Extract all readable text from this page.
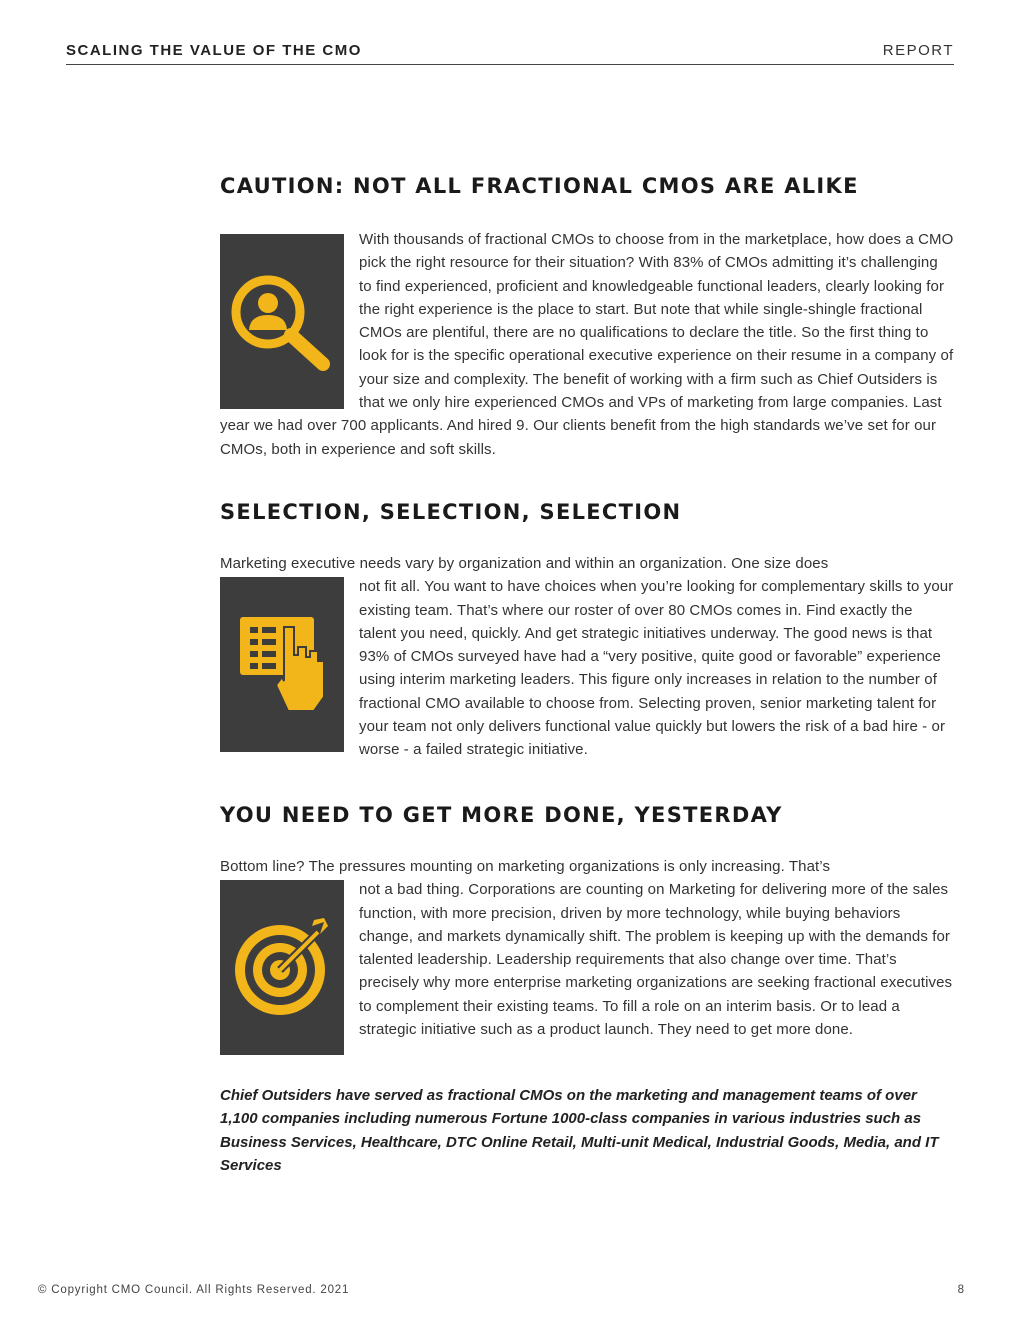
SCALING THE VALUE OF THE CMO	REPORT
CAUTION: NOT ALL FRACTIONAL CMOS ARE ALIKE
With thousands of fractional CMOs to choose from in the marketplace, how does a CMO pick the right resource for their situation? With 83% of CMOs admitting it’s challenging to find experienced, proficient and knowledgeable functional leaders, clearly looking for the right experience is the place to start. But note that while single-shingle fractional CMOs are plentiful, there are no qualifications to declare the title. So the first thing to look for is the specific operational executive experience on their resume in a company of your size and complexity. The benefit of working with a firm such as Chief Outsiders is that we only hire experienced CMOs and VPs of marketing from large companies. Last year we had over 700 applicants. And hired 9. Our clients benefit from the high standards we’ve set for our CMOs, both in experience and soft skills.
SELECTION, SELECTION, SELECTION
Marketing executive needs vary by organization and within an organization. One size does
not fit all. You want to have choices when you’re looking for complementary skills to your existing team. That’s where our roster of over 80 CMOs comes in. Find exactly the talent you need, quickly. And get strategic initiatives underway. The good news is that 93% of CMOs surveyed have had a “very positive, quite good or favorable” experience using interim marketing leaders. This figure only increases in relation to the number of fractional CMO available to choose from. Selecting proven, senior marketing talent for your team not only delivers functional value quickly but lowers the risk of a bad hire - or worse - a failed strategic initiative.
YOU NEED TO GET MORE DONE, YESTERDAY
Bottom line? The pressures mounting on marketing organizations is only increasing. That’s
not a bad thing. Corporations are counting on Marketing for delivering more of the sales function, with more precision, driven by more technology, while buying behaviors change, and markets dynamically shift. The problem is keeping up with the demands for talented leadership. Leadership requirements that also change over time. That’s precisely why more enterprise marketing organizations are seeking fractional executives to complement their existing teams. To fill a role on an interim basis. Or to lead a strategic initiative such as a product launch. They need to get more done.

Chief Outsiders have served as fractional CMOs on the marketing and management teams of over 1,100 companies including numerous Fortune 1000-class companies in various industries such as Business Services, Healthcare, DTC Online Retail, Multi-unit Medical, Industrial Goods, Media, and IT Services

© Copyright CMO Council. All Rights Reserved. 2021	8
